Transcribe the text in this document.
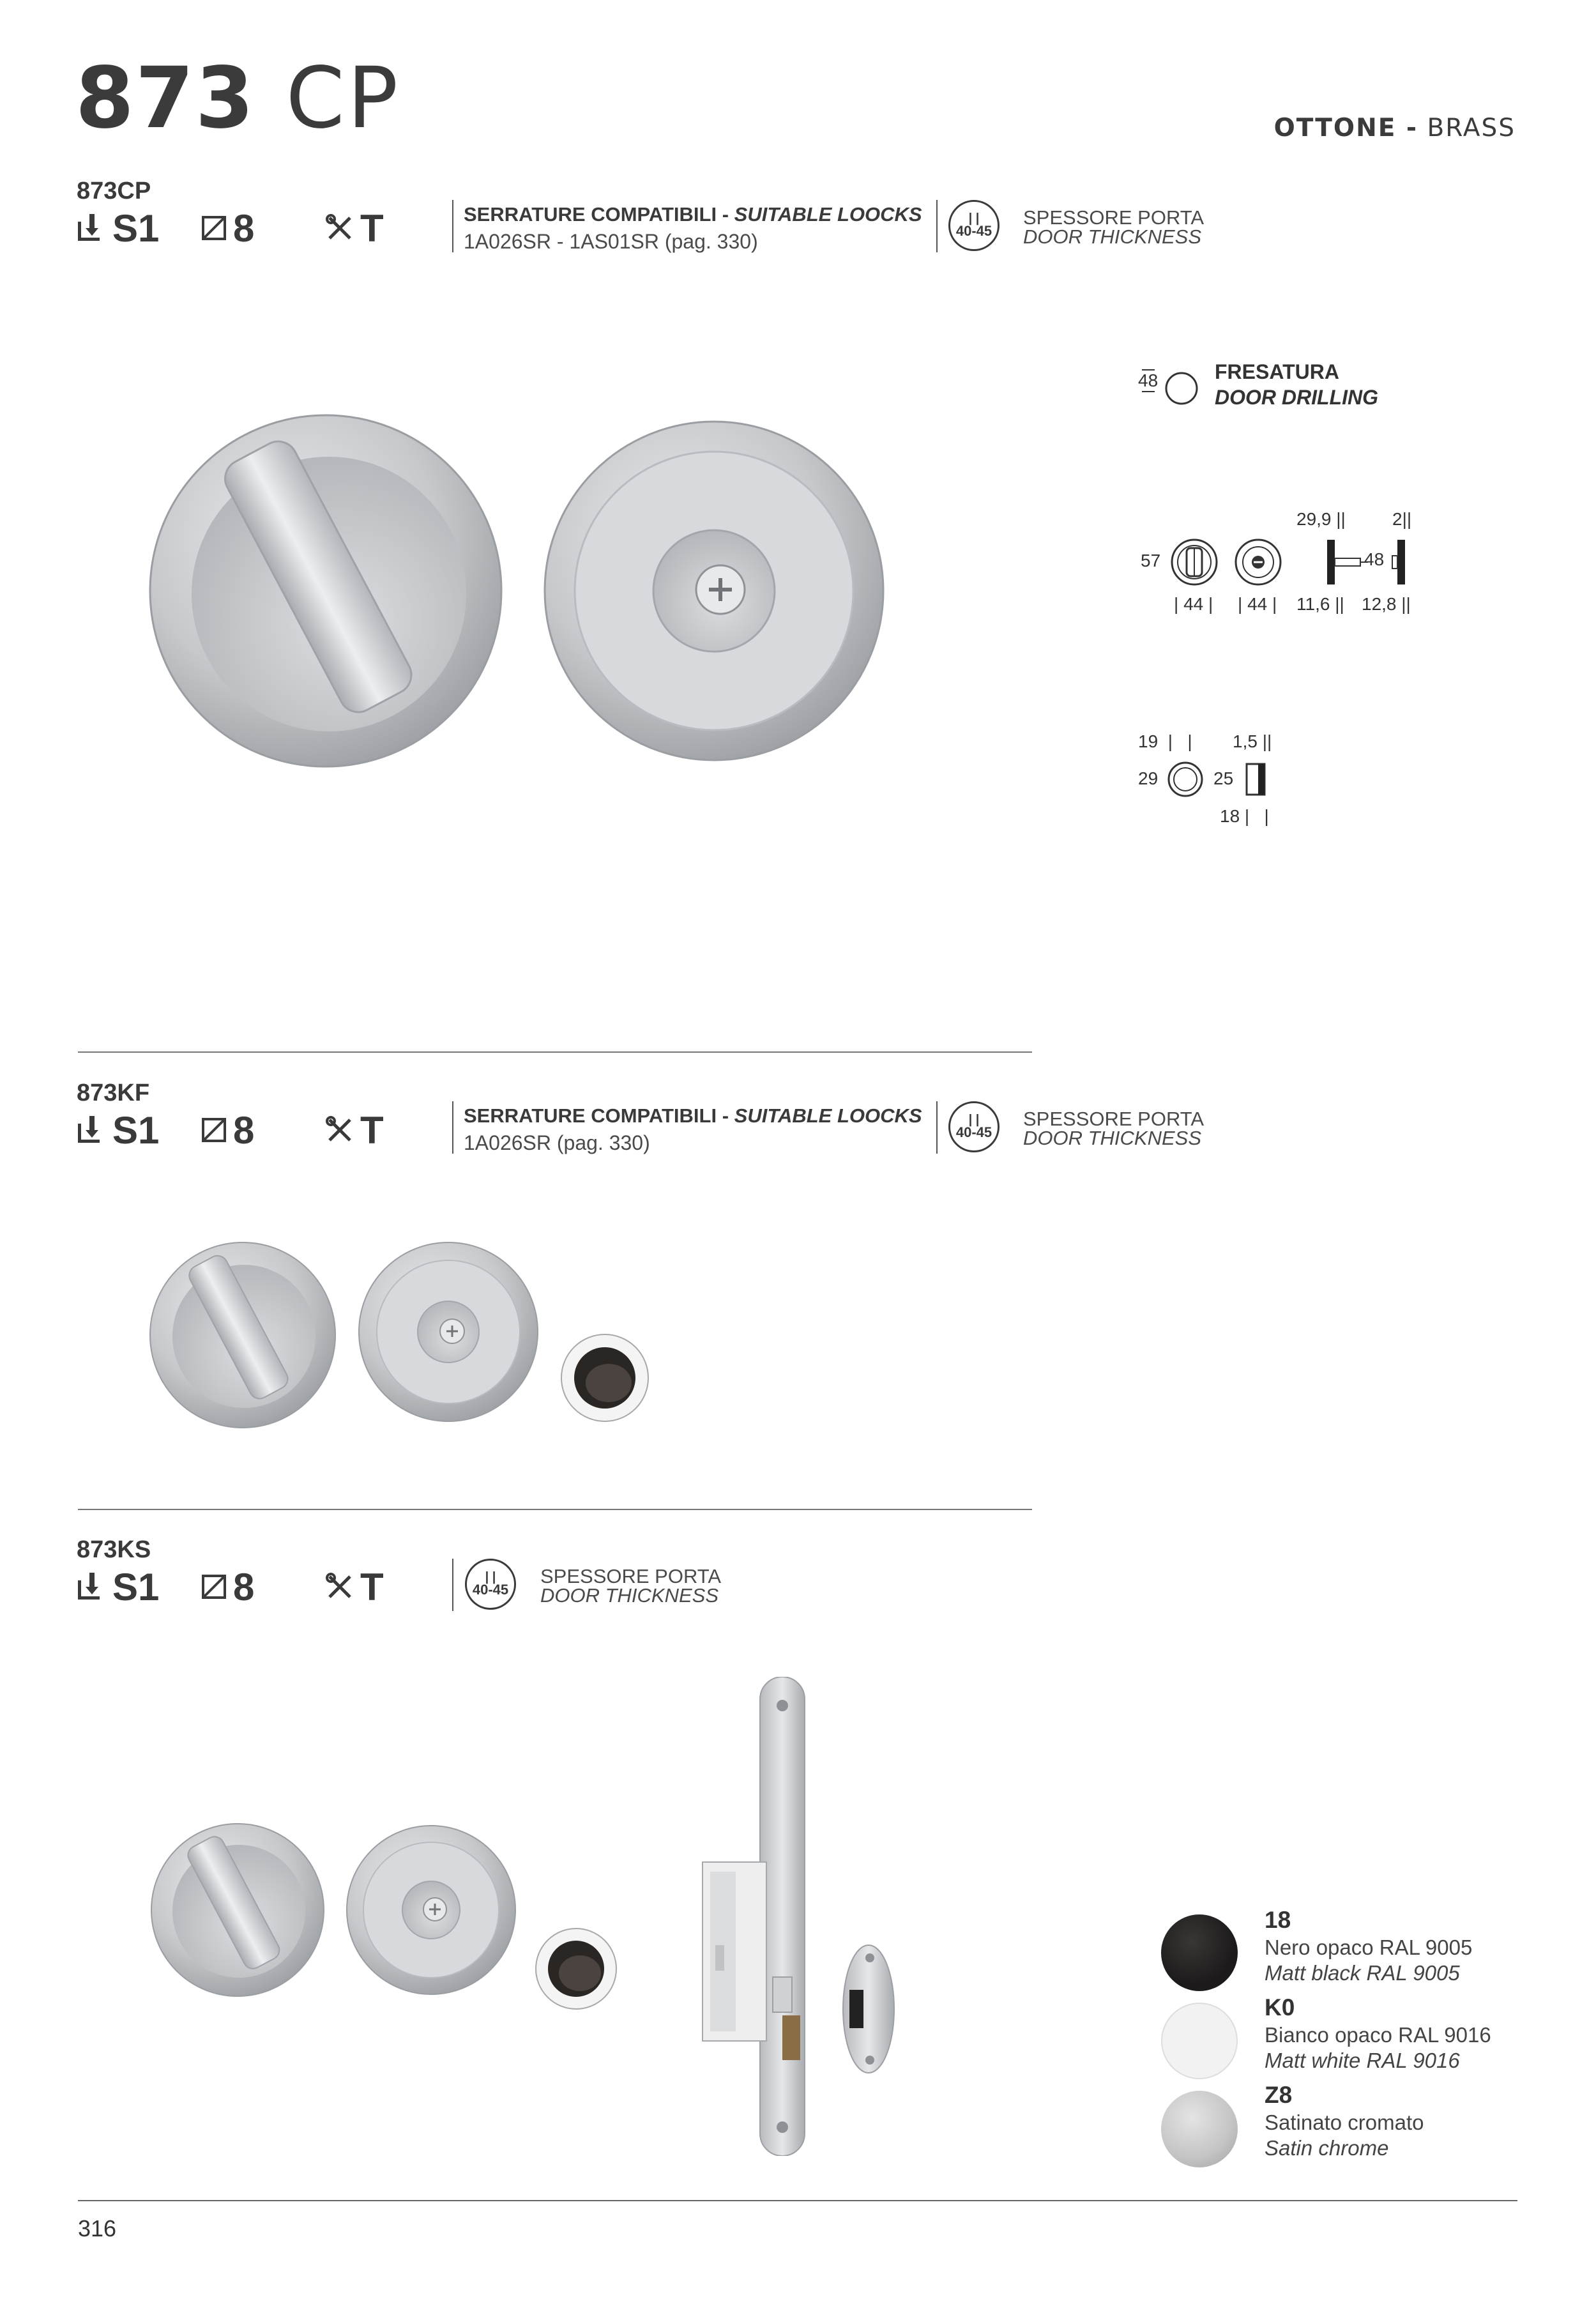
873 CP	OTTONE - BRASS
873CP
S1 8	T	SERRATURE COMPATIBILI - SUITABLE LOOCKS
1A026SR - 1AS01SR (pag. 330)
| |
40-45
SPESSORE PORTA
DOOR THICKNESS
48	FRESATURA
DOOR DRILLING
57
| 44 | | 44 |
29,9 ||
48
2||
11,6 || 12,8 ||
19  |   |
29
1,5 ||
25
18 |   |
873KF
S1 8	T	SERRATURE COMPATIBILI - SUITABLE LOOCKS
1A026SR (pag. 330)
| |
40-45
SPESSORE PORTA
DOOR THICKNESS
873KS
S1 8	T	| |
40-45
SPESSORE PORTA
DOOR THICKNESS
18
Nero opaco RAL 9005
Matt black RAL 9005
K0
Bianco opaco RAL 9016
Matt white RAL 9016
Z8
Satinato cromato
Satin chrome
316
